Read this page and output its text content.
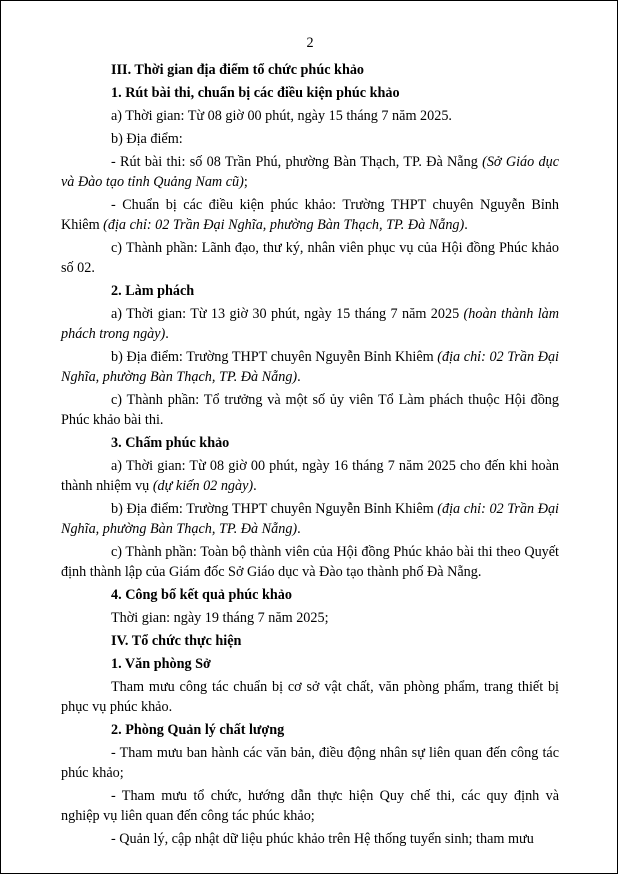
2
III. Thời gian địa điểm tổ chức phúc khảo
1. Rút bài thi, chuẩn bị các điều kiện phúc khảo
a) Thời gian: Từ 08 giờ 00 phút, ngày 15 tháng 7 năm 2025.
b) Địa điểm:
- Rút bài thi: số 08 Trần Phú, phường Bàn Thạch, TP. Đà Nẵng (Sở Giáo dục và Đào tạo tỉnh Quảng Nam cũ);
- Chuẩn bị các điều kiện phúc khảo: Trường THPT chuyên Nguyễn Bỉnh Khiêm (địa chỉ: 02 Trần Đại Nghĩa, phường Bàn Thạch, TP. Đà Nẵng).
c) Thành phần: Lãnh đạo, thư ký, nhân viên phục vụ của Hội đồng Phúc khảo số 02.
2. Làm phách
a) Thời gian: Từ 13 giờ 30 phút, ngày 15 tháng 7 năm 2025 (hoàn thành làm phách trong ngày).
b) Địa điểm: Trường THPT chuyên Nguyễn Bỉnh Khiêm (địa chỉ: 02 Trần Đại Nghĩa, phường Bàn Thạch, TP. Đà Nẵng).
c) Thành phần: Tổ trưởng và một số ủy viên Tổ Làm phách thuộc Hội đồng Phúc khảo bài thi.
3. Chấm phúc khảo
a) Thời gian: Từ 08 giờ 00 phút, ngày 16 tháng 7 năm 2025 cho đến khi hoàn thành nhiệm vụ (dự kiến 02 ngày).
b) Địa điểm: Trường THPT chuyên Nguyễn Bỉnh Khiêm (địa chỉ: 02 Trần Đại Nghĩa, phường Bàn Thạch, TP. Đà Nẵng).
c) Thành phần: Toàn bộ thành viên của Hội đồng Phúc khảo bài thi theo Quyết định thành lập của Giám đốc Sở Giáo dục và Đào tạo thành phố Đà Nẵng.
4. Công bố kết quả phúc khảo
Thời gian: ngày 19 tháng 7 năm 2025;
IV. Tổ chức thực hiện
1. Văn phòng Sở
Tham mưu công tác chuẩn bị cơ sở vật chất, văn phòng phẩm, trang thiết bị phục vụ phúc khảo.
2. Phòng Quản lý chất lượng
- Tham mưu ban hành các văn bản, điều động nhân sự liên quan đến công tác phúc khảo;
- Tham mưu tổ chức, hướng dẫn thực hiện Quy chế thi, các quy định và nghiệp vụ liên quan đến công tác phúc khảo;
- Quản lý, cập nhật dữ liệu phúc khảo trên Hệ thống tuyển sinh; tham mưu
